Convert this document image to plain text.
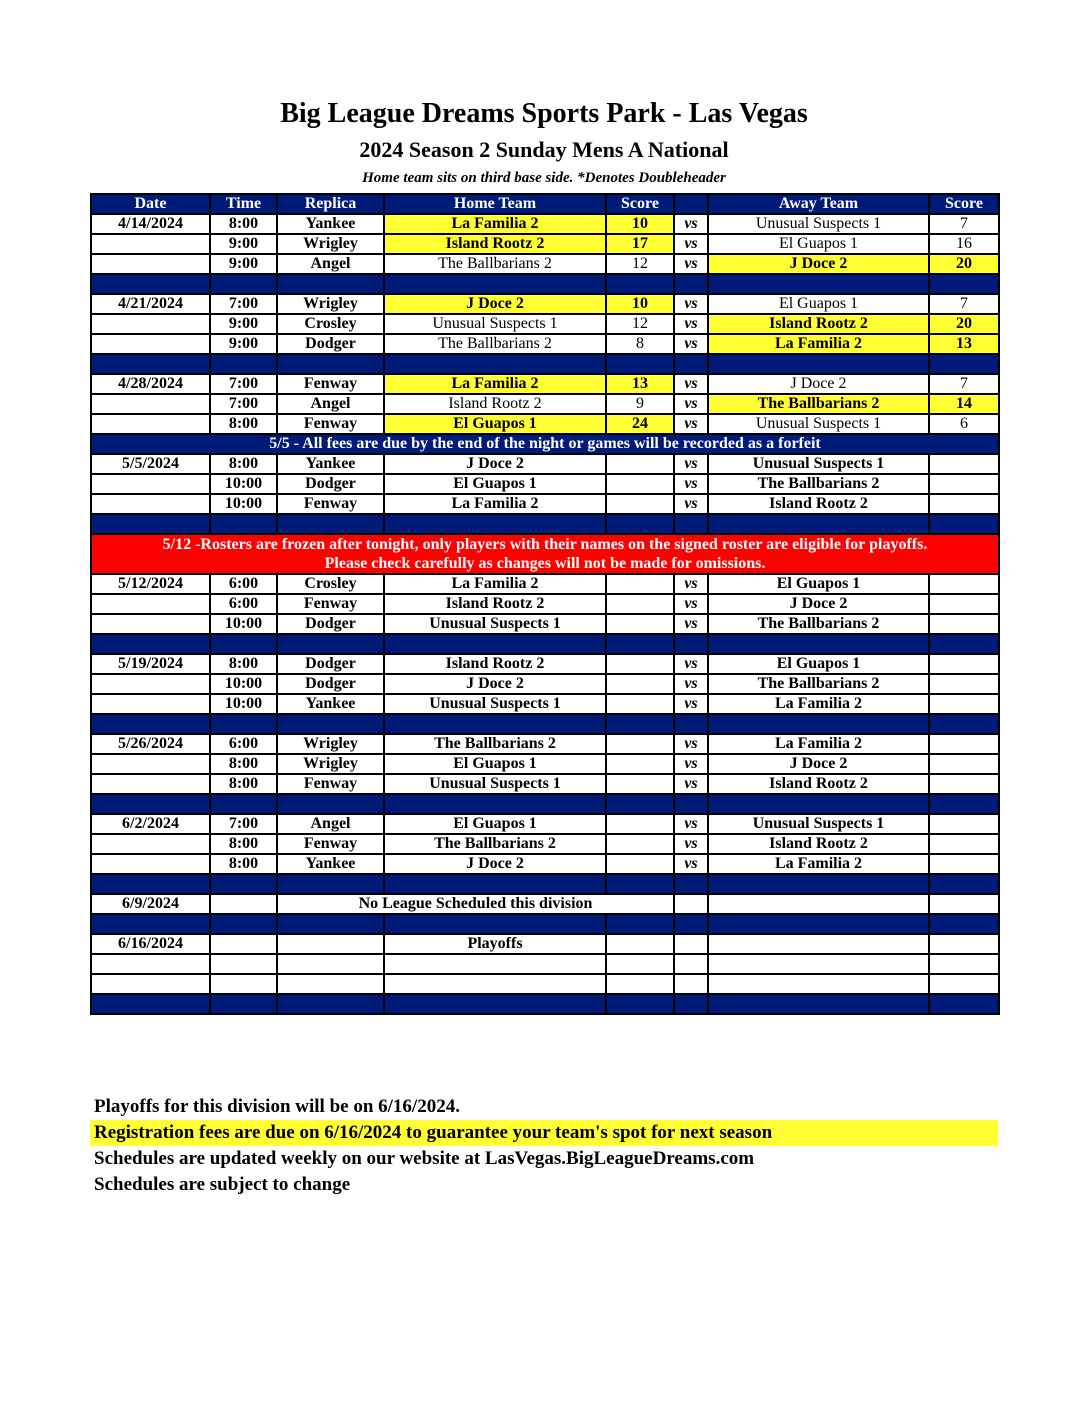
Big League Dreams Sports Park - Las Vegas
2024 Season 2 Sunday Mens A National
Home team sits on third base side. *Denotes Doubleheader
Date	Time	Replica	Home Team	Score		Away Team	Score
4/14/2024	8:00	Yankee	La Familia 2	10	vs	Unusual Suspects 1	7
	9:00	Wrigley	Island Rootz 2	17	vs	El Guapos 1	16
	9:00	Angel	The Ballbarians 2	12	vs	J Doce 2	20

4/21/2024	7:00	Wrigley	J Doce 2	10	vs	El Guapos 1	7
	9:00	Crosley	Unusual Suspects 1	12	vs	Island Rootz 2	20
	9:00	Dodger	The Ballbarians 2	8	vs	La Familia 2	13

4/28/2024	7:00	Fenway	La Familia 2	13	vs	J Doce 2	7
	7:00	Angel	Island Rootz 2	9	vs	The Ballbarians 2	14
	8:00	Fenway	El Guapos 1	24	vs	Unusual Suspects 1	6
5/5 - All fees are due by the end of the night or games will be recorded as a forfeit							
5/5/2024	8:00	Yankee	J Doce 2		vs	Unusual Suspects 1	
	10:00	Dodger	El Guapos 1		vs	The Ballbarians 2	
	10:00	Fenway	La Familia 2		vs	Island Rootz 2	

5/12 -Rosters are frozen after tonight, only players with their names on the signed roster are eligible for playoffs.
Please check carefully as changes will not be made for omissions.							

5/12/2024	6:00	Crosley	La Familia 2		vs	El Guapos 1	
	6:00	Fenway	Island Rootz 2		vs	J Doce 2	
	10:00	Dodger	Unusual Suspects 1		vs	The Ballbarians 2	

5/19/2024	8:00	Dodger	Island Rootz 2		vs	El Guapos 1	
	10:00	Dodger	J Doce 2		vs	The Ballbarians 2	
	10:00	Yankee	Unusual Suspects 1		vs	La Familia 2	

5/26/2024	6:00	Wrigley	The Ballbarians 2		vs	La Familia 2	
	8:00	Wrigley	El Guapos 1		vs	J Doce 2	
	8:00	Fenway	Unusual Suspects 1		vs	Island Rootz 2	

6/2/2024	7:00	Angel	El Guapos 1		vs	Unusual Suspects 1	
	8:00	Fenway	The Ballbarians 2		vs	Island Rootz 2	
	8:00	Yankee	J Doce 2		vs	La Familia 2	

6/9/2024		No League Scheduled this division					

6/16/2024			Playoffs				

Playoffs for this division will be on 6/16/2024.
Registration fees are due on 6/16/2024 to guarantee your team's spot for next season
Schedules are updated weekly on our website at LasVegas.BigLeagueDreams.com
Schedules are subject to change
